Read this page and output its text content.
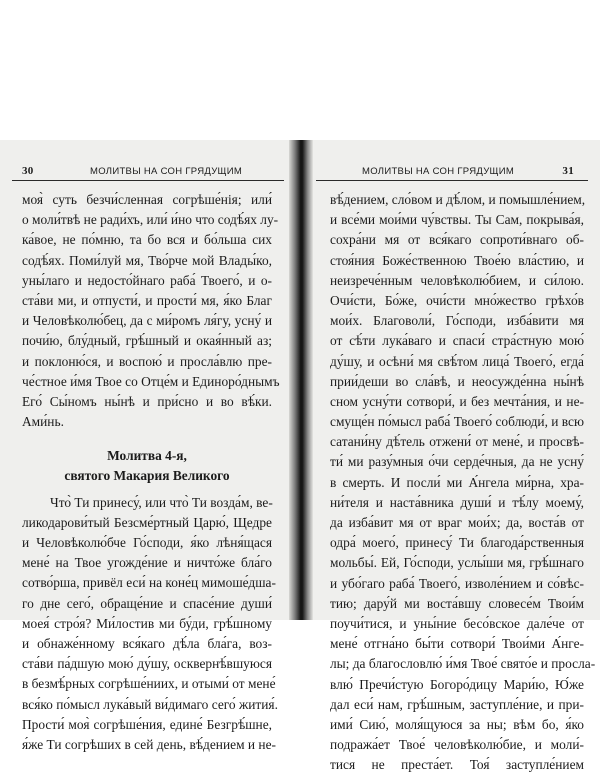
30	МОЛИТВЫ НА СОН ГРЯДУЩИМ
моя̀ суть безчи́сленная согрѣше́нія; или́
о моли́твѣ не ради́хъ, или́ и́но что содѣ́ях лу-
ка́вое, не по́мню, та бо вся и бо́льша сих
содѣ́ях. Поми́луй мя, Тво́рче мой Влады́ко,
уны́лаго и недосто́йнаго раба́ Твоего́, и о-
ста́ви ми, и отпусти́, и прости́ мя, я́ко Благ
и Человѣколю́бец, да с ми́ромъ ля́гу, усну́ и
почи́ю, блу́дный, грѣ́шный и окая́нный аз;
и поклоню́ся, и воспою́ и просла́влю пре-
че́стное и́мя Твое со Отце́м и Единоро́днымъ
Его́ Сы́номъ ны́нѣ и при́сно и во вѣ́ки.
Ами́нь.
Молитва 4-я,
святого Макария Великого
Что̀ Ти принесу́, или что̀ Ти возда́м, ве-
ликодарови́тый Безсме́ртный Царю́, Щедре
и Человѣколю́бче Го́споди, я́ко лѣня́щася
мене́ на Твое угожде́ние и ничто́же бла́го
сотво́рша, привёл еси́ на коне́ц мимоше́дша-
го дне сего́, обраще́ние и спасе́ние души́
моея́ стро́я? Ми́лостив ми бу́ди, грѣ́шному
и обнаже́нному вся́каго дѣ́ла бла́га, воз-
ста́ви па́дшую мою́ ду́шу, осквернѣ́вшуюся
в безмѣ́рных согрѣше́ниих, и отыми́ от мене́
вся́ко по́мысл лука́вый ви́димаго сего́ жития́.
Прости́ моя̀ согрѣше́ния, едине́ Безгрѣ́шне,
я́же Ти согрѣших в сей день, вѣ́дением и не-
МОЛИТВЫ НА СОН ГРЯДУЩИМ	31
вѣ́дением, сло́вом и дѣ́лом, и помышле́нием,
и все́ми мои́ми чу́вствы. Ты Сам, покрыва́я,
сохра́ни мя от вся́каго сопроти́внаго об-
стоя́ния Боже́ственною Твое́ю вла́стию, и
неизрече́нным человѣколю́бием, и си́лою.
Очи́сти, Бо́же, очи́сти мно́жество грѣхо́в
мои́х. Благоволи́, Го́споди, изба́вити мя
от сѣ́ти лука́ваго и спаси́ стра́стную мою́
ду́шу, и осѣни́ мя свѣ́том лица́ Твоего́, егда́
прии́деши во сла́вѣ, и неосужде́нна ны́нѣ
сном усну́ти сотвори́, и без мечта́ния, и не-
смуще́н по́мысл раба́ Твоего́ соблюди́, и всю
сатани́ну дѣ́тель отжени́ от мене́, и просвѣ-
ти́ ми разу́мныя о́чи серде́чныя, да не усну́
в смерть. И посли́ ми А́нгела ми́рна, хра-
ни́теля и наста́вника души́ и тѣ́лу моему́,
да изба́вит мя от враг мои́х; да, воста́в от
одра́ моего́, принесу́ Ти благода́рственныя
мольбы́. Ей, Го́споди, услы́ши мя, грѣ́шнаго
и убо́гаго раба́ Твоего́, изволе́нием и со́вѣс-
тию; дару́й ми воста́вшу словесе́м Твои́м
поучи́тися, и уны́ние бесо́вское дале́че от
мене́ отгна́но бы́ти сотвори́ Твои́ми А́нге-
лы; да благословлю́ и́мя Твое́ свято́е и просла-
влю́ Пречи́стую Богоро́дицу Мари́ю, Ю́же
дал еси́ нам, грѣ́шным, заступле́ние, и при-
ими́ Сию́, моля́щуюся за ны; вѣм бо, я́ко
подража́ет Твое́ человѣколю́бие, и моли́-
тися не преста́ет. Тоя́ заступле́нием
